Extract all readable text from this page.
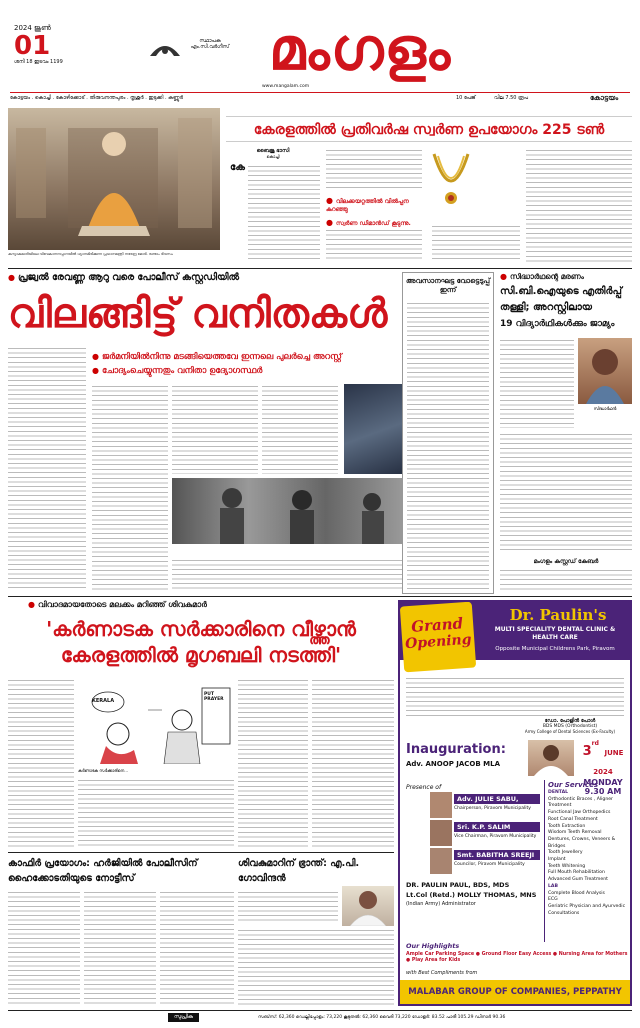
2024 ജൂൺ
01
ശനി 18 ഇടവം 1199
സ്ഥാപക
എം.സി.വർഗീസ് മംഗളം
www.mangalam.com
കോട്ടയം . കൊച്ചി . കോഴിക്കോട് . തിരുവനന്തപുരം . തൃശൂർ . ഇടുക്കി . കണ്ണൂർ	10 പേജ്	വില 7.50 രൂപ	കോട്ടയം
കന്യാകുമാരിയിലെ വിവേകാനന്ദപ്പാറയിൽ ധ്യാനമിരിക്കുന്ന പ്രധാനമന്ത്രി നരേന്ദ്ര മോദി. രണ്ടാം ദിവസം
കേരളത്തിൽ പ്രതിവർഷ സ്വർണ ഉപയോഗം 225 ടൺ
ബൈജു ഭാസി
കൊച്ചി
കേ
● വിലക്കയറ്റത്തിൽ വിൽപ്പന കുറഞ്ഞു
● സ്വർണ ഡിമാൻഡ് കൂടുന്നു.
● പ്രജ്വൽ രേവണ്ണ ആറു വരെ പോലീസ് കസ്റ്റഡിയിൽ
വിലങ്ങിട്ട് വനിതകൾ
● ജർമനിയിൽനിന്നു മടങ്ങിയെത്തവേ ഇന്നലെ പുലർച്ചെ അറസ്റ്റ്
● ചോദ്യംചെയ്യുന്നതും വനിതാ ഉദ്യോഗസ്ഥർ
അവസാനഘട്ട വോട്ടെടുപ്പ് ഇന്ന്
● സിദ്ധാർഥന്റെ മരണം
സി.ബി.ഐയുടെ എതിർപ്പ്
തള്ളി; അറസ്റ്റിലായ
19 വിദ്യാർഥികൾക്കും ജാമ്യം
സിദ്ധാർഥൻ
മംഗളം കസ്റ്റഡ് കേബർ
● വിവാദമായതോടെ മലക്കം മറിഞ്ഞ് ശിവകുമാർ
'കർണാടക സർക്കാരിനെ വീഴ്ത്താൻ
കേരളത്തിൽ മൃഗബലി നടത്തി'
PUT PRAYER
KERALA
കർണാടക സർക്കാരിനെ...
കാഫിർ പ്രയോഗം: ഹർജിയിൽ പോലീസിന്
ഹൈക്കോടതിയുടെ നോട്ടീസ്
ശിവകുമാറിന് ഭ്രാന്ത്: എ.പി. ഗോവിന്ദൻ
Grand
Opening
Dr. Paulin's
MULTI SPECIALITY DENTAL CLINIC & HEALTH CARE
Opposite Municipal Childrens Park, Piravom
ഡോ. പോളിൻ പോൾ
BDS MDS (Orthodontist)
Army College of Dental Sciences (Ex-Faculty)
Inauguration:
Adv. ANOOP JACOB MLA
3rd JUNE 2024
MONDAY 9.30 AM
Presence of
Adv. JULIE SABU,
Chairperson, Piravom Municipality
Sri. K.P. SALIM
Vice Chairman, Piravom Municipality
Smt. BABITHA SREEJI
Councilor, Piravom Municipality
DR. PAULIN PAUL, BDS, MDS
Lt.Col (Retd.) MOLLY THOMAS, MNS
(Indian Army) Administrator
Our Services
DENTAL
Orthodontic Braces , Aligner
Treatment
Functional Jaw Orthopedics
Root Canal Treatment
Tooth Extraction
Wisdom Teeth Removal
Dentures, Crowns, Veneers &
Bridges
Tooth Jewellery
Implant
Teeth Whitening
Full Mouth Rehabilitation
Advanced Gum Treatment
LAB
Complete Blood Analysis
ECG
Geriatric Physician and Ayurvedic
Consultations
Our Highlights
Ample Car Parking Space ● Ground Floor Easy Access ● Nursing Area for Mothers ● Play Area for Kids
with Best Compliments from
MALABAR GROUP OF COMPANIES, PEPPATHY
സുപ്രിക	സബ്‌സ്: 62,360 ഡെല്ലിപ്പോളം: 73,220 കൂടുതൽ: 62,360 വൈദി 73,220 ഡോളർ: 83.52 പാരീ 105.29 ഡിനാർ 90.36
